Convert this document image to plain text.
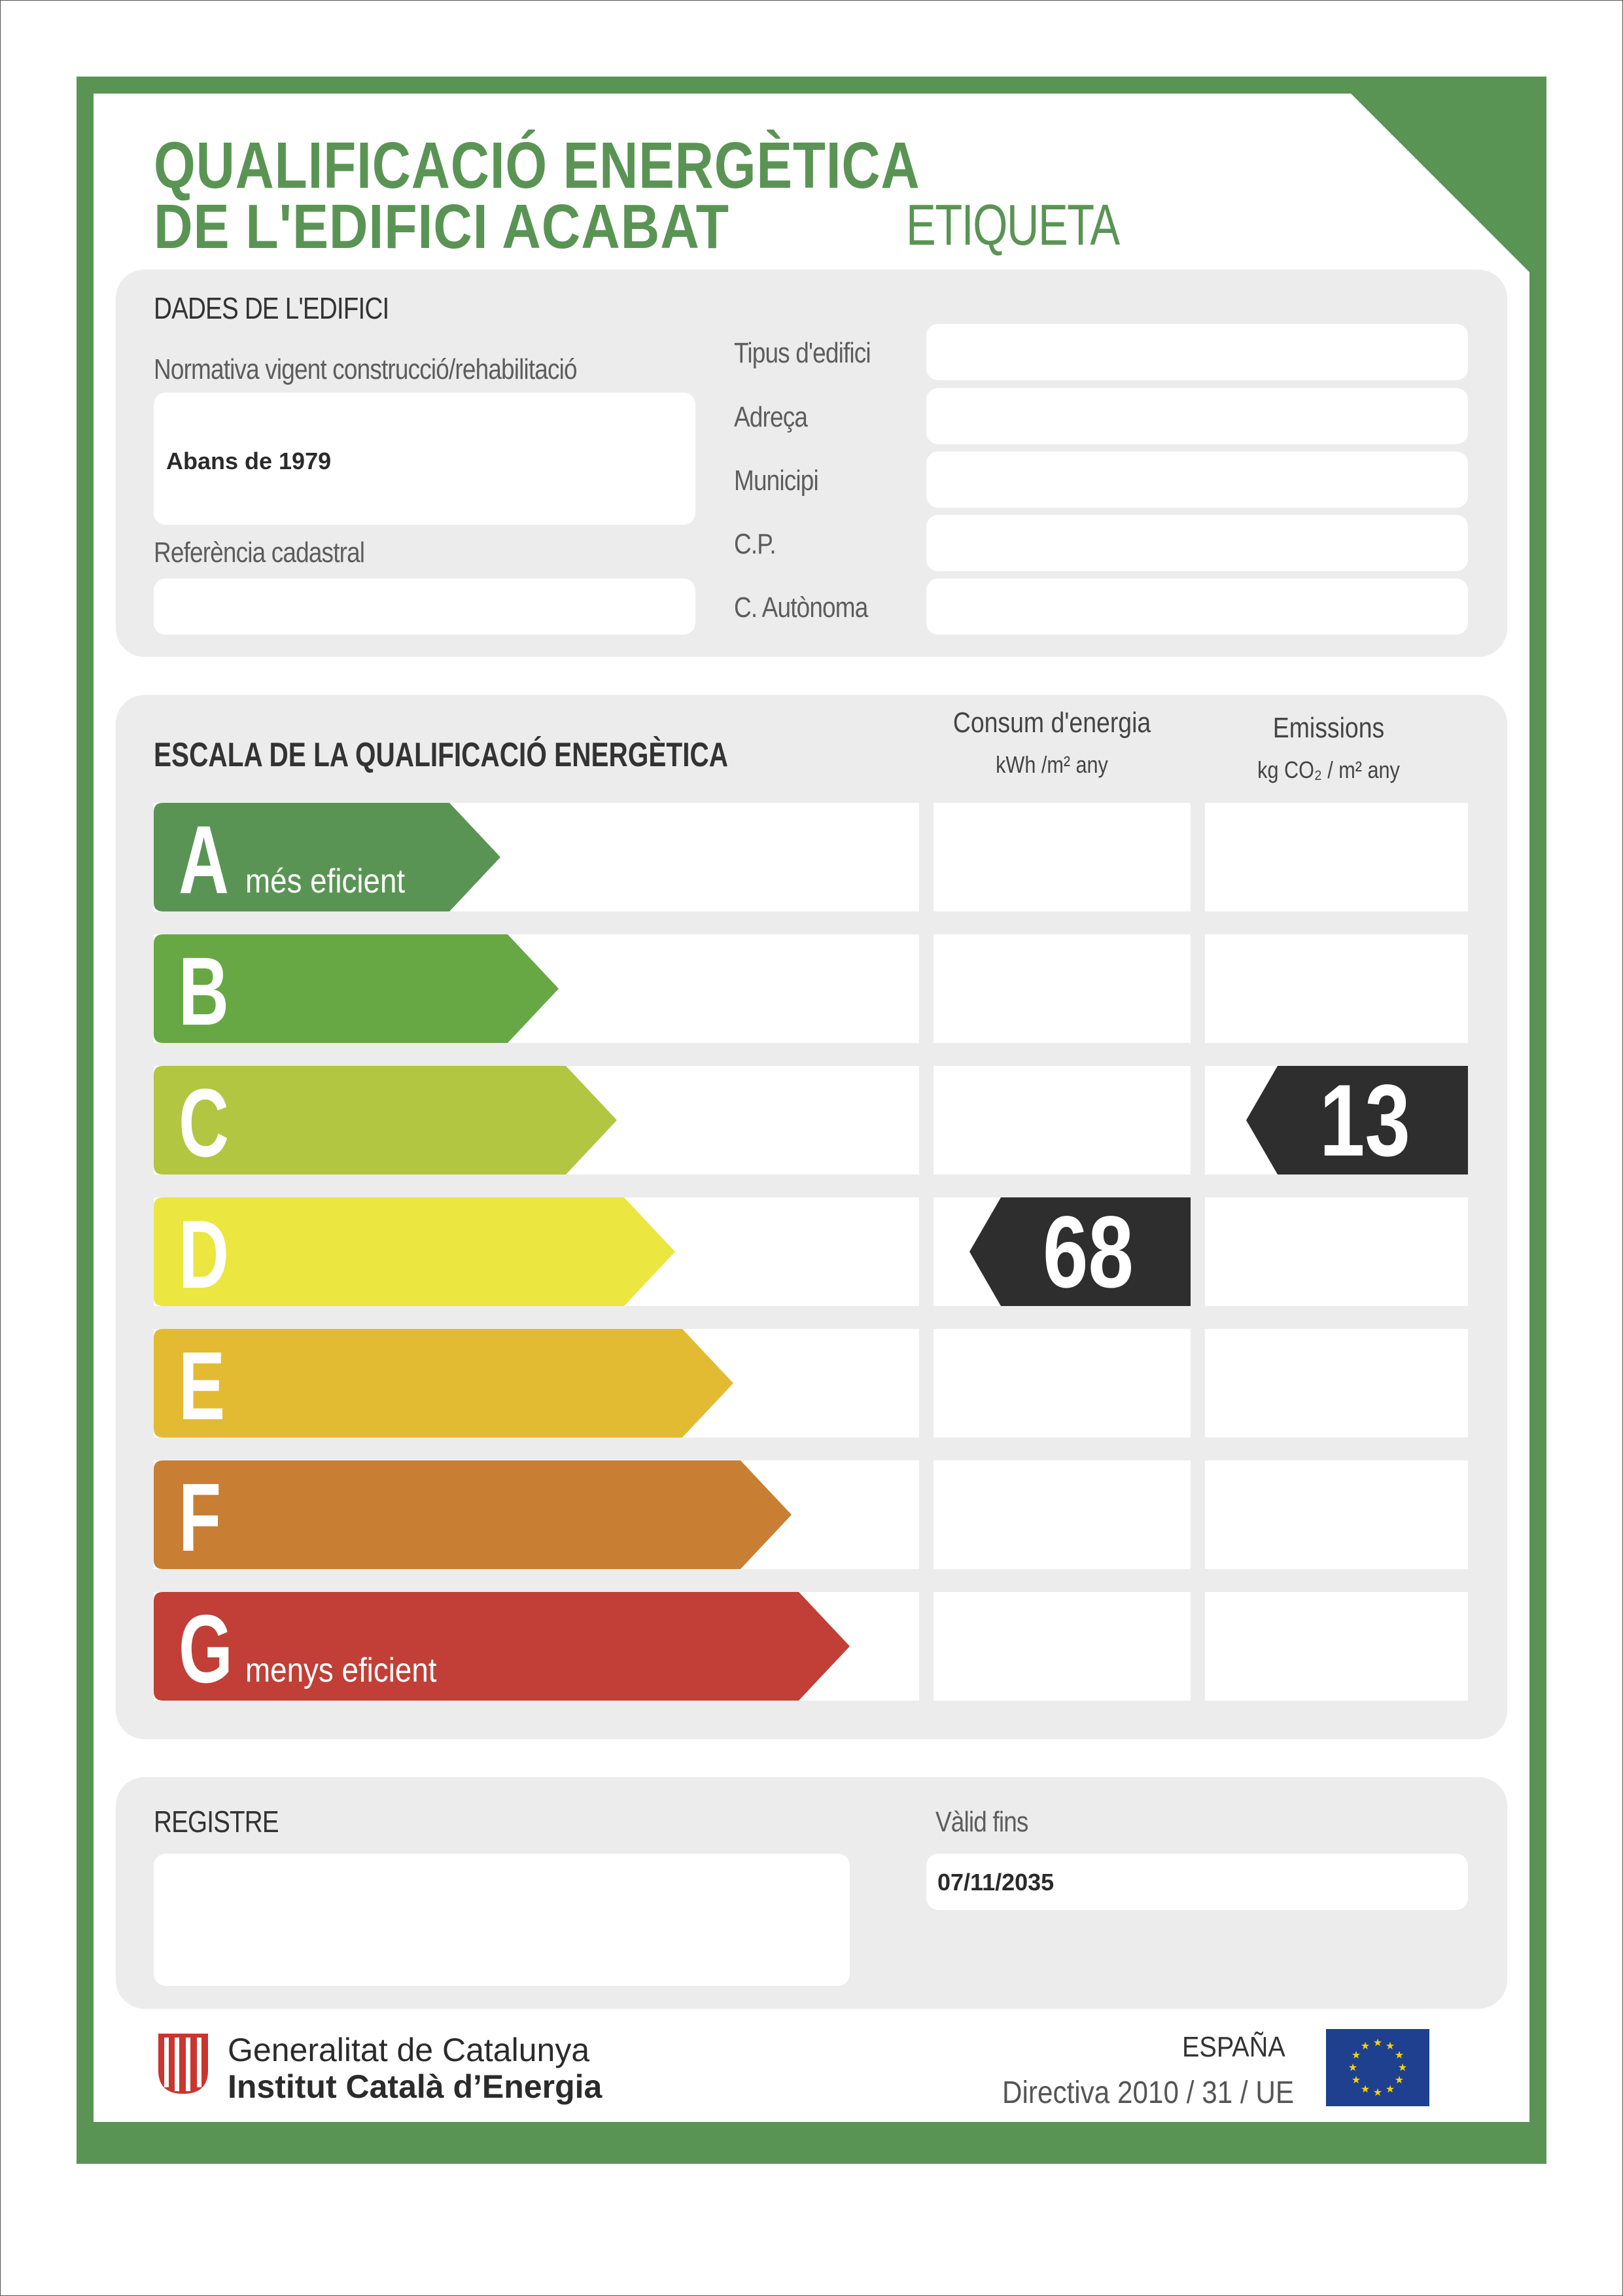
QUALIFICACIÓ ENERGÈTICA
DE L'EDIFICI ACABAT	ETIQUETA
DADES DE L'EDIFICI
Normativa vigent construcció/rehabilitació
Abans de 1979
Referència cadastral
Tipus d'edifici
Adreça
Municipi
C.P.
C. Autònoma
ESCALA DE LA QUALIFICACIÓ ENERGÈTICA
Consum d'energia
kWh /m² any
Emissions
kg CO₂ / m² any
A més eficient
B
C
D
E
F
G menys eficient
68
13
REGISTRE	Vàlid fins
07/11/2035
Generalitat de Catalunya
Institut Català d’Energia
ESPAÑA
Directiva 2010 / 31 / UE
★ ★
★
★
★
★
★
★
★
★
★
★
